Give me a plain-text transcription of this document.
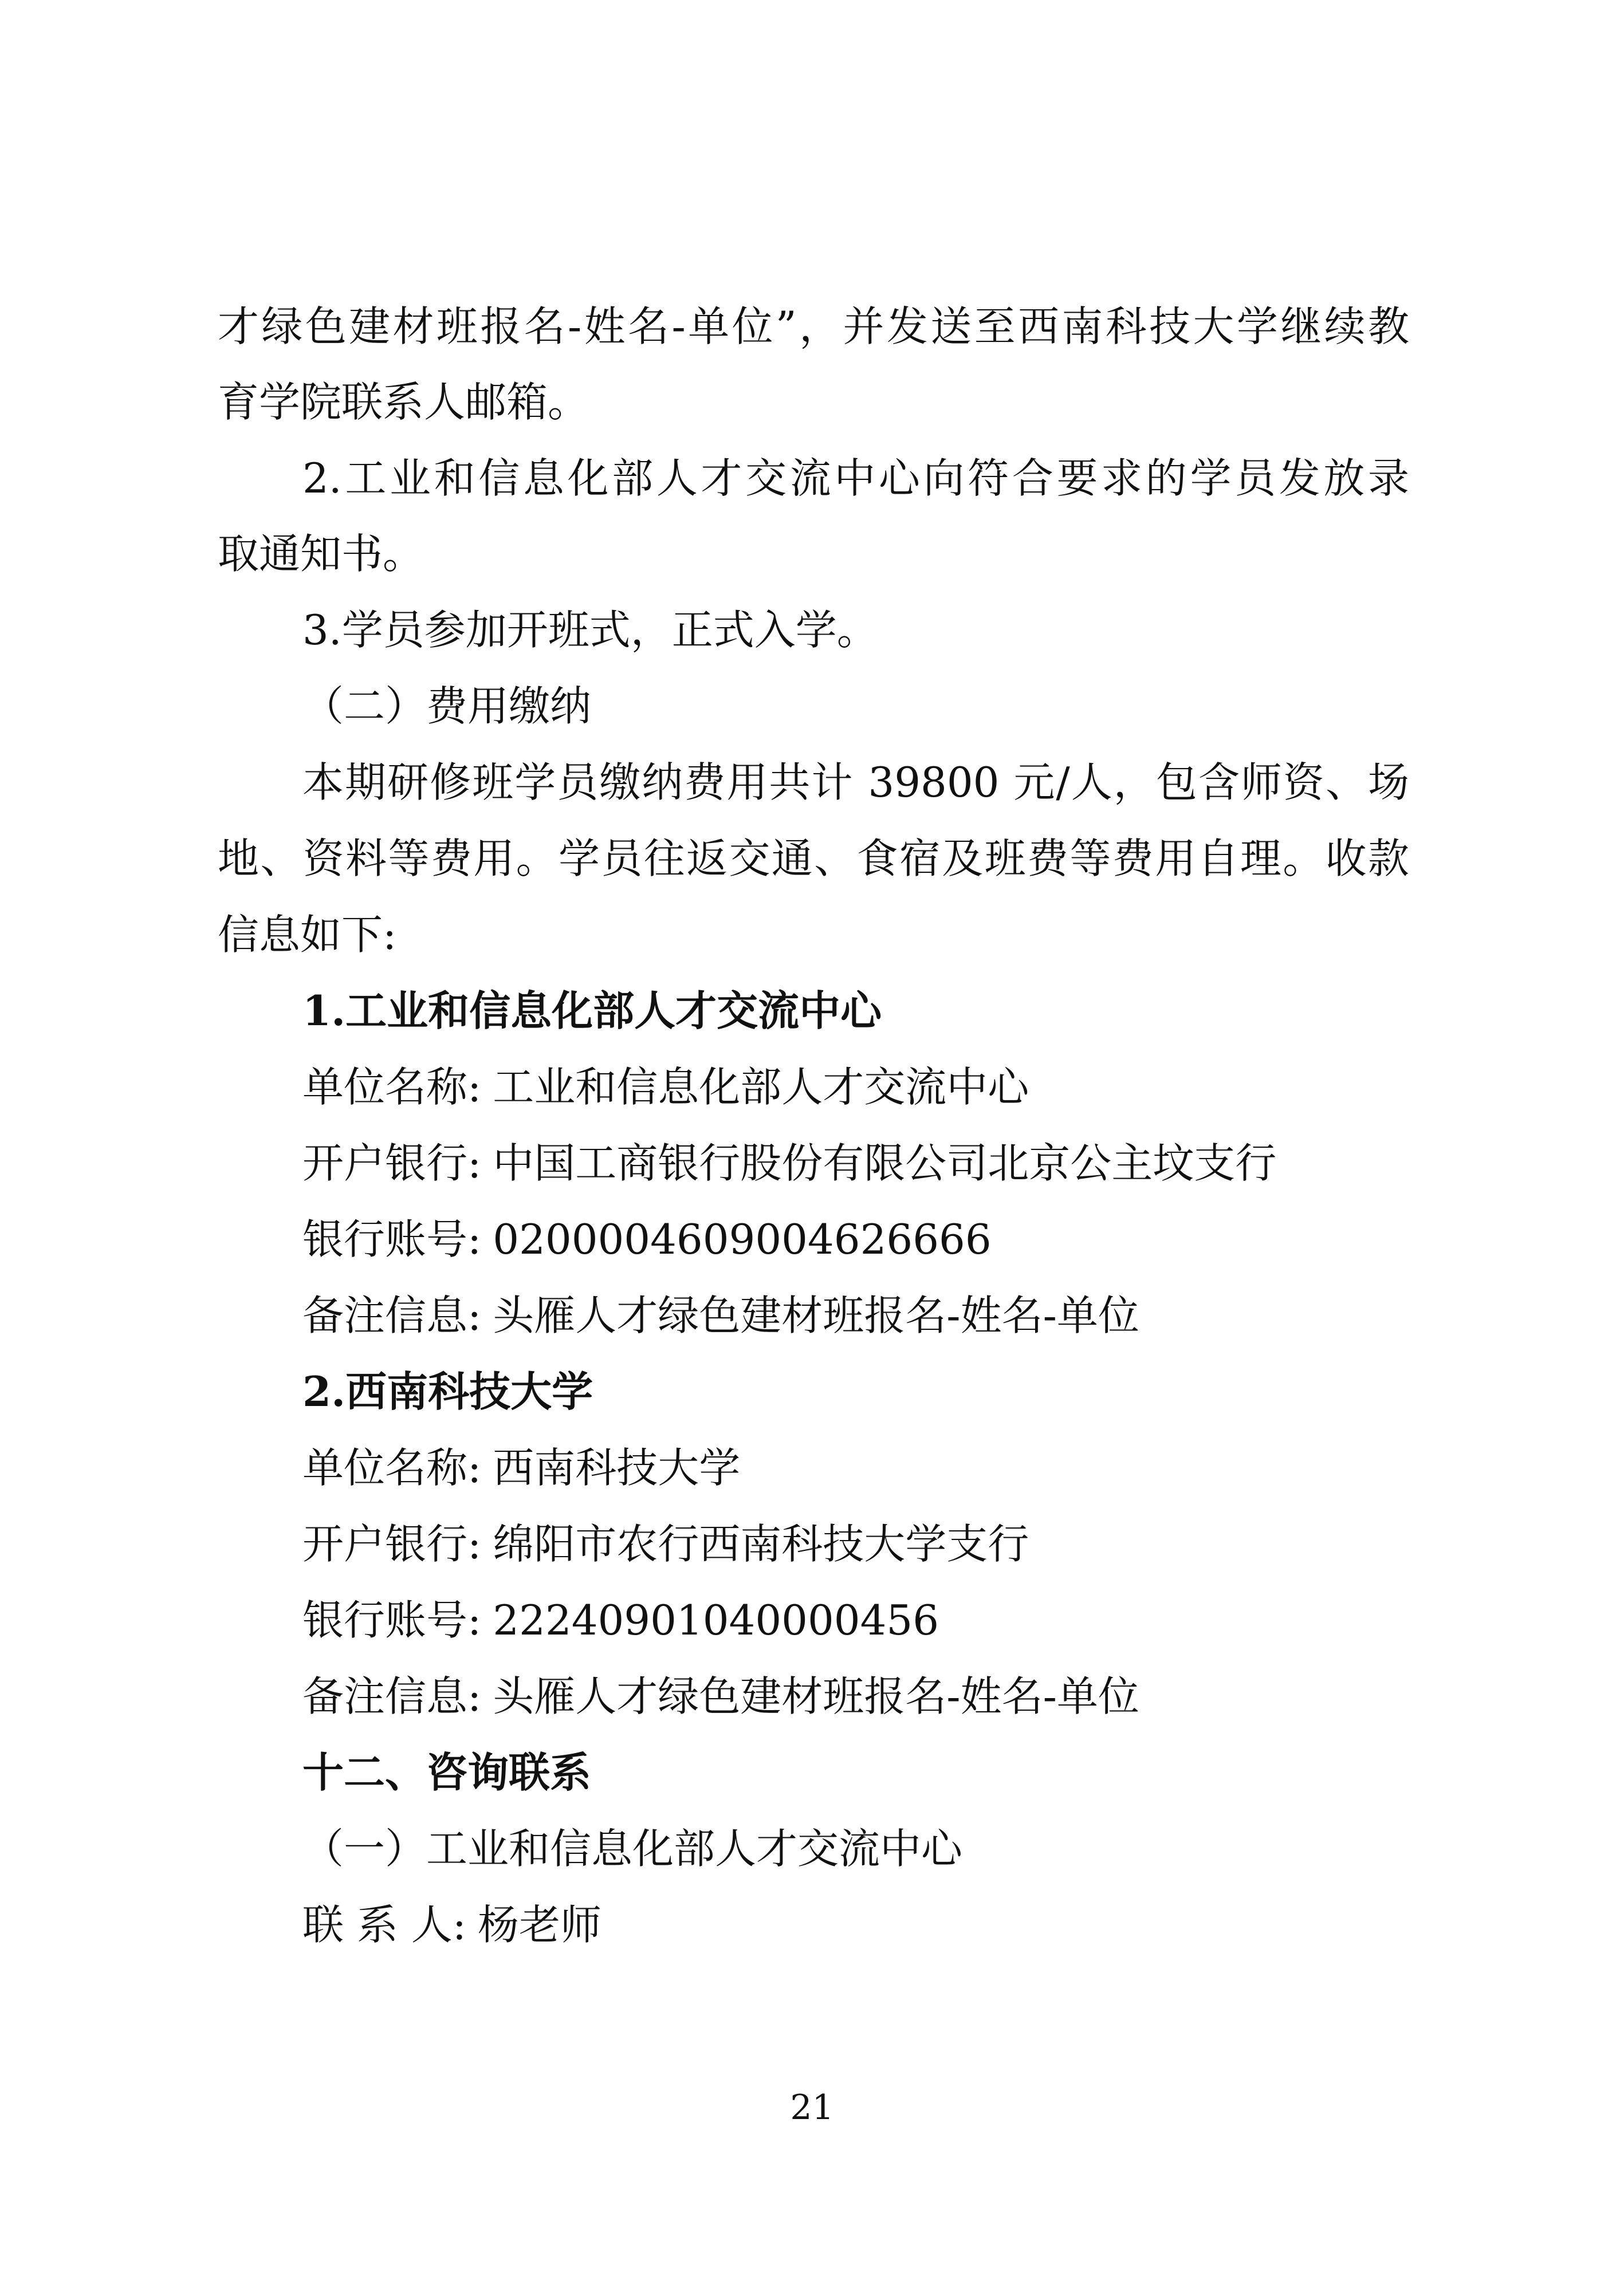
才绿色建材班报名-姓名-单位”，并发送至西南科技大学继续教
育学院联系人邮箱。
2.工业和信息化部人才交流中心向符合要求的学员发放录
取通知书。
3.学员参加开班式，正式入学。
（二）费用缴纳
本期研修班学员缴纳费用共计 39800 元/人，包含师资、场
地、资料等费用。学员往返交通、食宿及班费等费用自理。收款
信息如下:
1.工业和信息化部人才交流中心
单位名称: 工业和信息化部人才交流中心
开户银行: 中国工商银行股份有限公司北京公主坟支行
银行账号: 0200004609004626666
备注信息: 头雁人才绿色建材班报名-姓名-单位
2.西南科技大学
单位名称: 西南科技大学
开户银行: 绵阳市农行西南科技大学支行
银行账号: 22240901040000456
备注信息: 头雁人才绿色建材班报名-姓名-单位
十二、咨询联系
（一）工业和信息化部人才交流中心
联 系 人: 杨老师
21
